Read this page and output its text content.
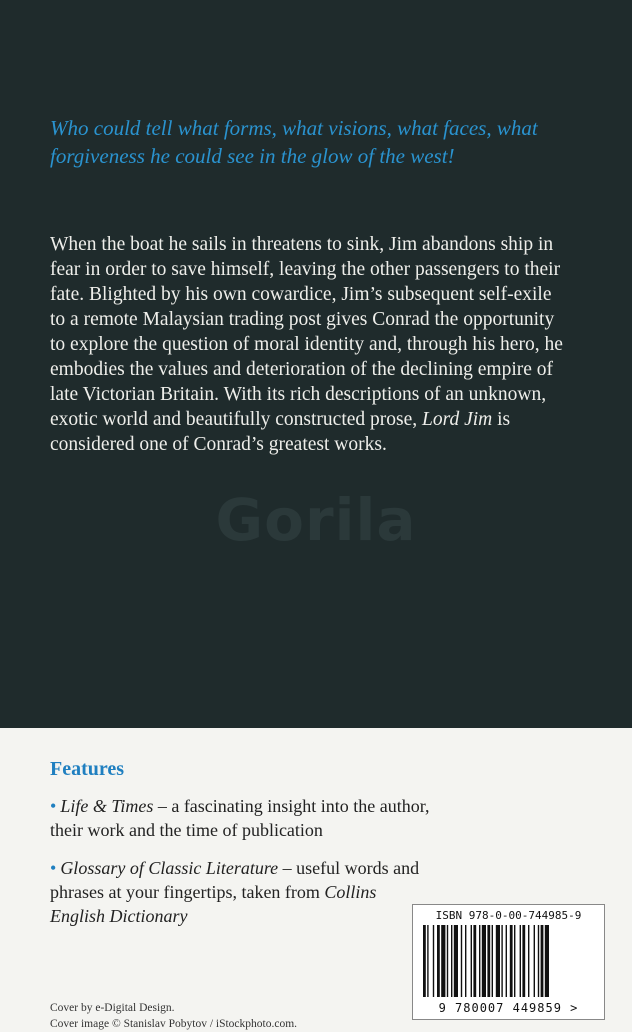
Who could tell what forms, what visions, what faces, what forgiveness he could see in the glow of the west!

When the boat he sails in threatens to sink, Jim abandons ship in fear in order to save himself, leaving the other passengers to their fate. Blighted by his own cowardice, Jim’s subsequent self-exile to a remote Malaysian trading post gives Conrad the opportunity to explore the question of moral identity and, through his hero, he embodies the values and deterioration of the declining empire of late Victorian Britain. With its rich descriptions of an unknown, exotic world and beautifully constructed prose, Lord Jim is considered one of Conrad’s greatest works.

Gorila
Features

• Life & Times – a fascinating insight into the author, their work and the time of publication

• Glossary of Classic Literature – useful words and phrases at your fingertips, taken from Collins English Dictionary

Cover by e-Digital Design.
Cover image © Stanislav Pobytov / iStockphoto.com.

ISBN 978-0-00-744985-9
9 780007 449859 >
